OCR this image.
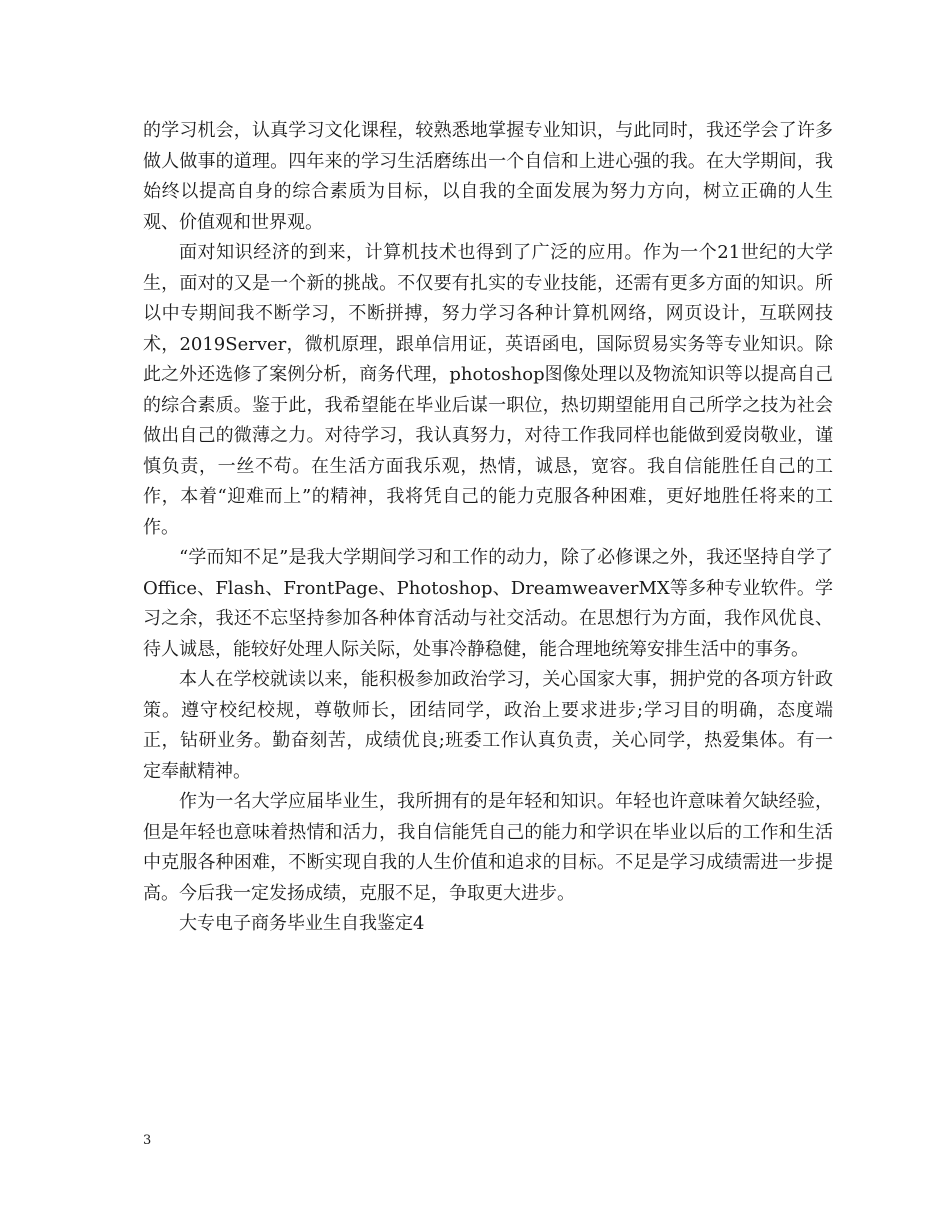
的学习机会，认真学习文化课程，较熟悉地掌握专业知识，与此同时，我还学会了许多做人做事的道理。四年来的学习生活磨练出一个自信和上进心强的我。在大学期间，我始终以提高自身的综合素质为目标，以自我的全面发展为努力方向，树立正确的人生观、价值观和世界观。

面对知识经济的到来，计算机技术也得到了广泛的应用。作为一个21世纪的大学生，面对的又是一个新的挑战。不仅要有扎实的专业技能，还需有更多方面的知识。所以中专期间我不断学习，不断拼搏，努力学习各种计算机网络，网页设计，互联网技术，2019Server，微机原理，跟单信用证，英语函电，国际贸易实务等专业知识。除此之外还选修了案例分析，商务代理，photoshop图像处理以及物流知识等以提高自己的综合素质。鉴于此，我希望能在毕业后谋一职位，热切期望能用自己所学之技为社会做出自己的微薄之力。对待学习，我认真努力，对待工作我同样也能做到爱岗敬业，谨慎负责，一丝不苟。在生活方面我乐观，热情，诚恳，宽容。我自信能胜任自己的工作，本着“迎难而上”的精神，我将凭自己的能力克服各种困难，更好地胜任将来的工作。

“学而知不足”是我大学期间学习和工作的动力，除了必修课之外，我还坚持自学了Office、Flash、FrontPage、Photoshop、DreamweaverMX等多种专业软件。学习之余，我还不忘坚持参加各种体育活动与社交活动。在思想行为方面，我作风优良、待人诚恳，能较好处理人际关际，处事冷静稳健，能合理地统筹安排生活中的事务。

本人在学校就读以来，能积极参加政治学习，关心国家大事，拥护党的各项方针政策。遵守校纪校规，尊敬师长，团结同学，政治上要求进步;学习目的明确，态度端正，钻研业务。勤奋刻苦，成绩优良;班委工作认真负责，关心同学，热爱集体。有一定奉献精神。

作为一名大学应届毕业生，我所拥有的是年轻和知识。年轻也许意味着欠缺经验，但是年轻也意味着热情和活力，我自信能凭自己的能力和学识在毕业以后的工作和生活中克服各种困难，不断实现自我的人生价值和追求的目标。不足是学习成绩需进一步提高。今后我一定发扬成绩，克服不足，争取更大进步。

大专电子商务毕业生自我鉴定4

3
